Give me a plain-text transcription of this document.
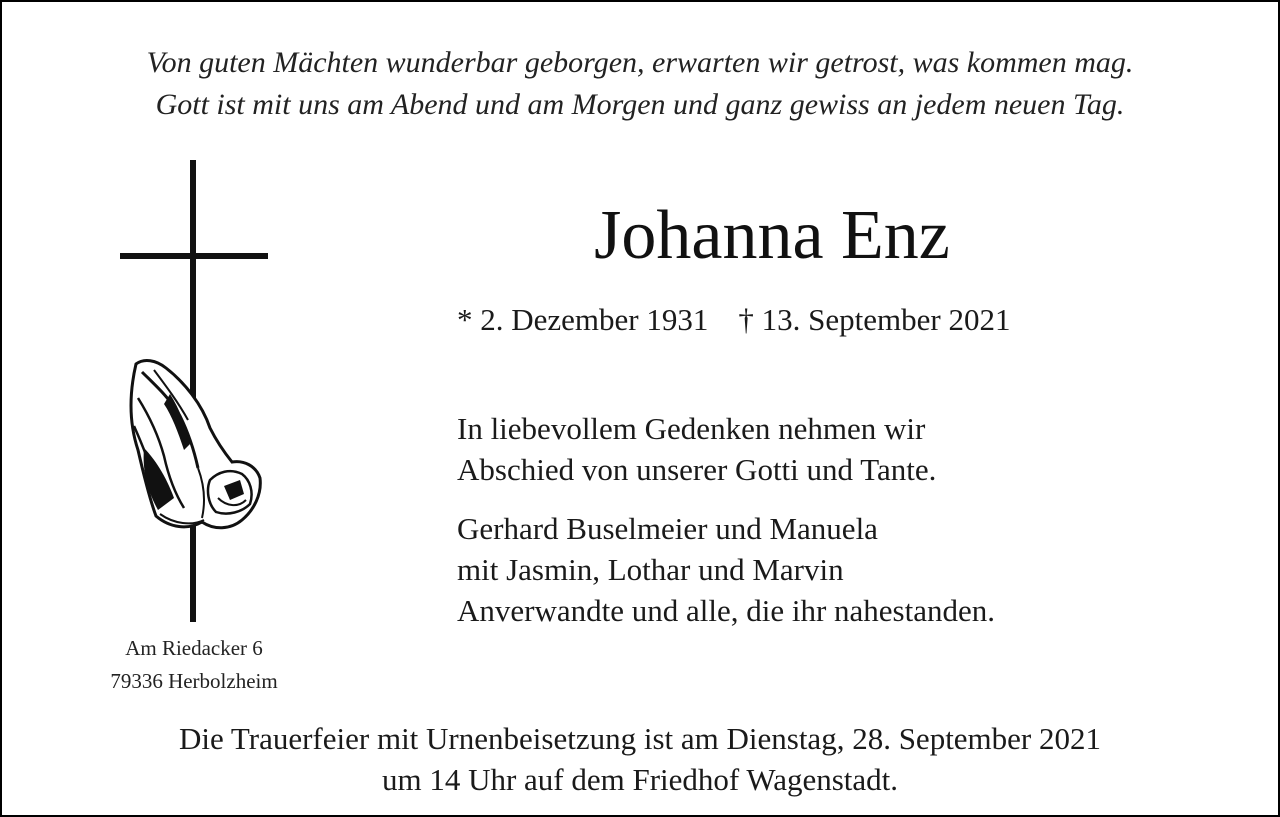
Von guten Mächten wunderbar geborgen, erwarten wir getrost, was kommen mag.
Gott ist mit uns am Abend und am Morgen und ganz gewiss an jedem neuen Tag.
Am Riedacker 6
79336 Herbolzheim
Johanna Enz
* 2. Dezember 1931 † 13. September 2021
In liebevollem Gedenken nehmen wir
Abschied von unserer Gotti und Tante.
Gerhard Buselmeier und Manuela
mit Jasmin, Lothar und Marvin
Anverwandte und alle, die ihr nahestanden.
Die Trauerfeier mit Urnenbeisetzung ist am Dienstag, 28. September 2021
um 14 Uhr auf dem Friedhof Wagenstadt.
